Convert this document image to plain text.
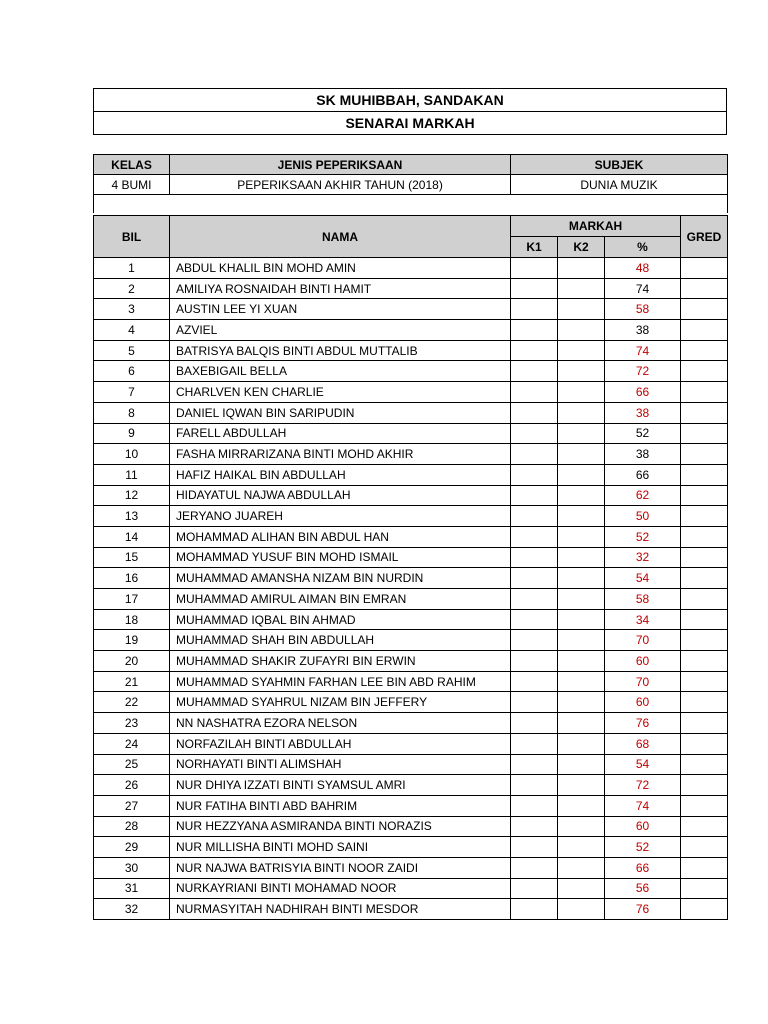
SK MUHIBBAH, SANDAKAN
SENARAI MARKAH
KELAS	JENIS PEPERIKSAAN	SUBJEK
4 BUMI	PEPERIKSAAN AKHIR TAHUN (2018)	DUNIA MUZIK

BIL	NAMA	MARKAH			GRED
		K1	K2	%	
1	ABDUL KHALIL BIN MOHD AMIN			48	
2	AMILIYA ROSNAIDAH BINTI HAMIT			74	
3	AUSTIN LEE YI XUAN			58	
4	AZVIEL			38	
5	BATRISYA BALQIS BINTI ABDUL MUTTALIB			74	
6	BAXEBIGAIL BELLA			72	
7	CHARLVEN KEN CHARLIE			66	
8	DANIEL IQWAN BIN SARIPUDIN			38	
9	FARELL ABDULLAH			52	
10	FASHA MIRRARIZANA BINTI MOHD AKHIR			38	
11	HAFIZ HAIKAL BIN ABDULLAH			66	
12	HIDAYATUL NAJWA ABDULLAH			62	
13	JERYANO JUAREH			50	
14	MOHAMMAD ALIHAN BIN ABDUL HAN			52	
15	MOHAMMAD YUSUF BIN MOHD ISMAIL			32	
16	MUHAMMAD AMANSHA NIZAM BIN NURDIN			54	
17	MUHAMMAD AMIRUL AIMAN BIN EMRAN			58	
18	MUHAMMAD IQBAL BIN AHMAD			34	
19	MUHAMMAD SHAH BIN ABDULLAH			70	
20	MUHAMMAD SHAKIR ZUFAYRI BIN ERWIN			60	
21	MUHAMMAD SYAHMIN FARHAN LEE BIN ABD RAHIM			70	
22	MUHAMMAD SYAHRUL NIZAM BIN JEFFERY			60	
23	NN NASHATRA EZORA NELSON			76	
24	NORFAZILAH BINTI ABDULLAH			68	
25	NORHAYATI BINTI ALIMSHAH			54	
26	NUR DHIYA IZZATI BINTI SYAMSUL AMRI			72	
27	NUR FATIHA BINTI ABD BAHRIM			74	
28	NUR HEZZYANA ASMIRANDA BINTI NORAZIS			60	
29	NUR MILLISHA BINTI MOHD SAINI			52	
30	NUR NAJWA BATRISYIA BINTI NOOR ZAIDI			66	
31	NURKAYRIANI BINTI MOHAMAD NOOR			56	
32	NURMASYITAH NADHIRAH BINTI MESDOR			76	
